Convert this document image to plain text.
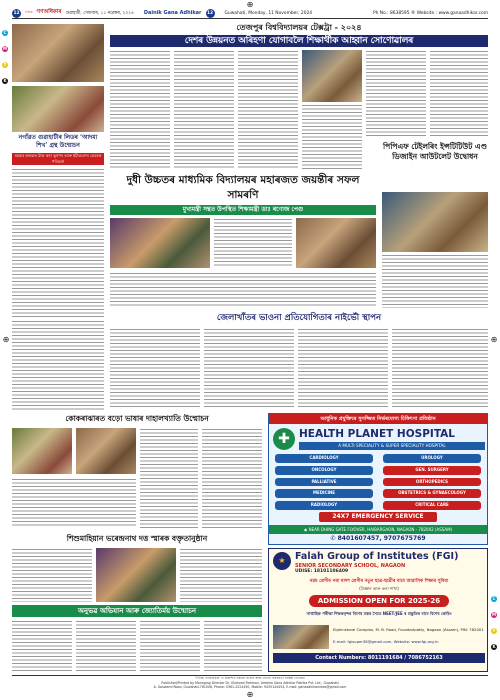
C
M
Y
K
C
M
Y
K
⊕
⊕
⊕	⊕
12	দৈনিক গণঅধিকাৰ গুৱাহাটী, সোমবাৰ, ১১ নৱেম্বৰ, ২০২৪ Dainik Gana Adhikar	12	Guwahati, Monday, 11 November, 2024	Ph No.: 8638595 ® Website : www.ganaadhikar.com
তেজপুৰ বিশ্ববিদ্যালয়ৰ টেক্সট্ৰা - ২০২৪
দেশৰ উন্নয়নত অৰিহণা যোগাবলৈ শিক্ষাৰ্থীক আহ্বান সোণোৱালৰ
নগাঁৱত গুৱাহাটীৰ লিডৰ ‘আদম্য শিখ’ গ্ৰন্থ উন্মোচন
মহন্তৰ অনন্তত ঠাক কৰা ভূষণৰ আৰু ইটাচেলাৰ ভেৰেক পৰিবৰ্তা
দুধী উচ্চতৰ মাধ্যমিক বিদ্যালয়ৰ মহাৰজত জয়ন্তীৰ সফল সামৰণি
মুখ্যমন্ত্ৰী সন্থত উপস্থিত শিক্ষামন্ত্ৰী ডাঃ ৰণোজ পেগু
পিপিএফ টেইলৰিং ইন্সটিটিউট এণ্ড ডিজাইন আউটলেট উদ্বোধন
জেলাখাঁতৰ ভাওনা প্ৰতিযোগিতাৰ নাইৰ্ভৌ স্থাপন
কোকৰাঝাৰত বড়ো ভাষাৰ দাহালখ্যাতি উন্মোচন
শিশুমাহিয়ান ভৰেন্দ্ৰনাথ দত্ত স্মাৰক বক্তৃতানুষ্ঠান
অনুভৱ অভিযান আৰু জ্যোতিৰ্ময় উন্মোচন
আধুনিক প্ৰযুক্তিৰে সুসজ্জিত নিৰ্ভৰযোগ্য চিকিৎসা প্ৰতিষ্ঠান
✚ HEALTH PLANET HOSPITAL
A MULTI SPECIALITY & SUPER SPECIALITY HOSPITAL
CARDIOLOGY	UROLOGY
ONCOLOGY	GEN. SURGERY
PALLIATIVE	ORTHOPEDICS
MEDICINE	OBSTETRICS & GYNAECOLOGY
RADIOLOGY	CRITICAL CARE
24X7 EMERGENCY SERVICE
◉ NEAR DHING GATE FLYOVER, HAIBARGAON, NAGAON - 782002 (ASSAM)
✆ 8401607457, 9707675769
★ Falah Group of Institutes (FGI)
SENIOR SECONDARY SCHOOL, NAGAON
UDISE: 18101106409
নৱম শ্ৰেণীৰ পৰা দ্বাদশ শ্ৰেণীৰ নতুন ছাত্ৰ-ছাত্ৰীৰ বাবে আৱাসিক শিক্ষাৰ সুবিধা
(বিজ্ঞান আৰু কলা শাখা)
ADMISSION OPEN FOR 2025-26
সাপ্তাহিক পৰীক্ষা শিক্ষকবৃন্দৰ বিশেষ যত্নৰ সৈতে NEET/JEE ৰ প্ৰস্তুতিৰ বাবে বিশেষ কোচিং
Elphinstone Complex, M. B. Road, Fouzdaripatty, Nagaon (Assam), PIN: 782001
E-mail: fgisuper38@gmail.com, Website: www.fgi.org.in
Contact Numbers: 8011191684 / 7086752163
‘দৈনিক গণঅধিকাৰ’ ত প্ৰকাশিত সকলো বাতৰি আৰু লেখাৰ দায়বদ্ধতা সংশ্লিষ্ট লেখকৰ।
Published/Printed by Managing Director Dr. Shahzad Rahman, Ambika Gana Adhikar Patrika Pvt. Ltd., Guwahati
A. Goswami Road, Guwahati-781008, Phone: 0361-2224450, Mobile: 9435144454, E-mail: ganaadhikarnews@gmail.com
